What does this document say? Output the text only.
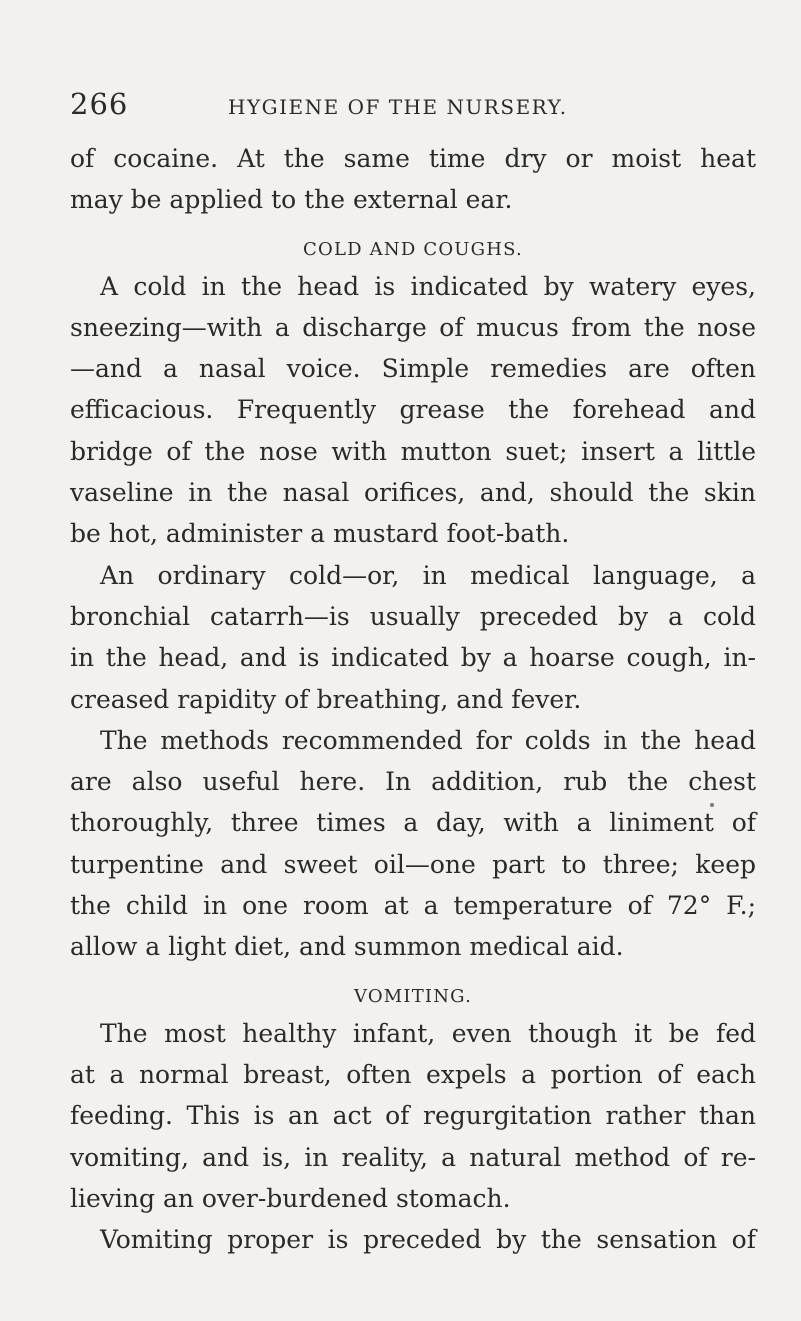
266	HYGIENE OF THE NURSERY.
of cocaine. At the same time dry or moist heat
may be applied to the external ear.

COLD AND COUGHS.

A cold in the head is indicated by watery eyes,
sneezing—with a discharge of mucus from the nose
—and a nasal voice. Simple remedies are often
efficacious. Frequently grease the forehead and
bridge of the nose with mutton suet; insert a little
vaseline in the nasal orifices, and, should the skin
be hot, administer a mustard foot-bath.
An ordinary cold—or, in medical language, a
bronchial catarrh—is usually preceded by a cold
in the head, and is indicated by a hoarse cough, in-
creased rapidity of breathing, and fever.
The methods recommended for colds in the head
are also useful here. In addition, rub the chest
thoroughly, three times a day, with a liniment of
turpentine and sweet oil—one part to three; keep
the child in one room at a temperature of 72° F.;
allow a light diet, and summon medical aid.

VOMITING.

The most healthy infant, even though it be fed
at a normal breast, often expels a portion of each
feeding. This is an act of regurgitation rather than
vomiting, and is, in reality, a natural method of re-
lieving an over-burdened stomach.
Vomiting proper is preceded by the sensation of
